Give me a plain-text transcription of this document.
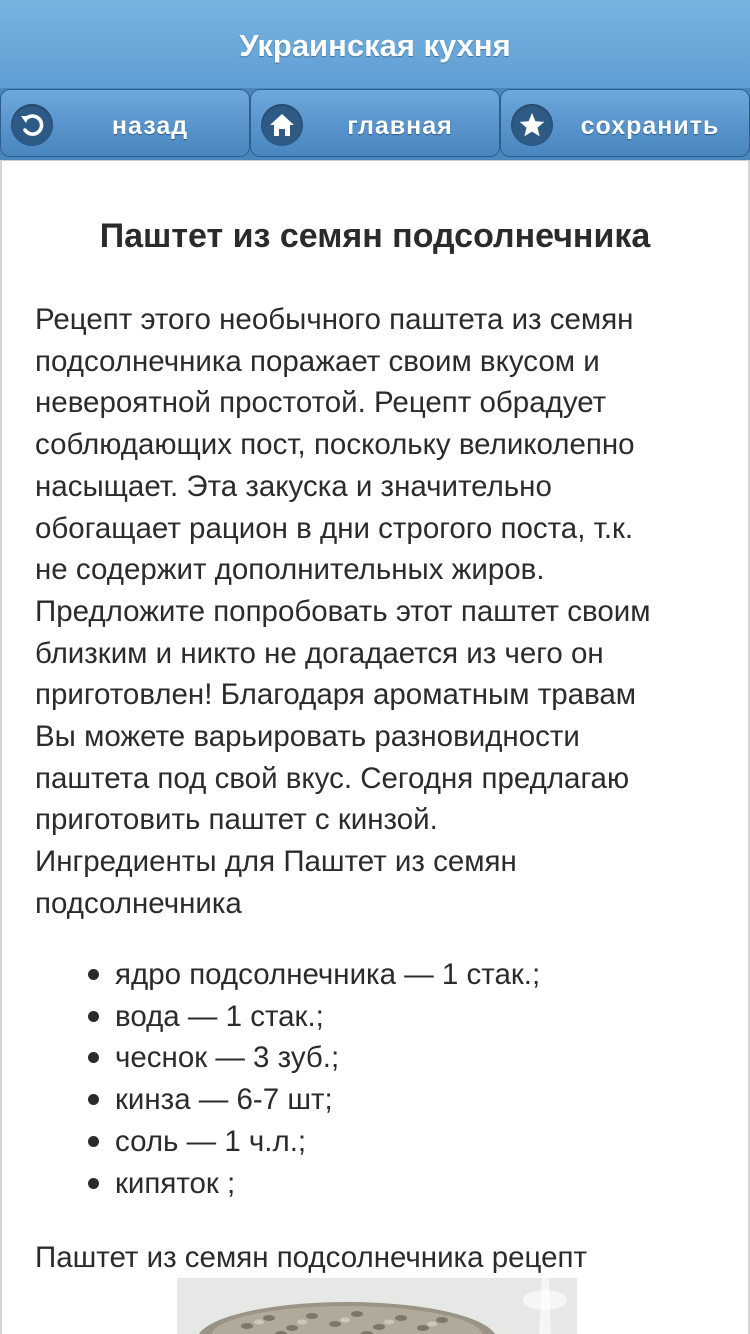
Украинская кухня
назад	главная	сохранить
Паштет из семян подсолнечника

Рецепт этого необычного паштета из семян

подсолнечника поражает своим вкусом и

невероятной простотой. Рецепт обрадует

соблюдающих пост, поскольку великолепно

насыщает. Эта закуска и значительно

обогащает рацион в дни строгого поста, т.к.

не содержит дополнительных жиров.

Предложите попробовать этот паштет своим

близким и никто не догадается из чего он

приготовлен! Благодаря ароматным травам

Вы можете варьировать разновидности

паштета под свой вкус. Сегодня предлагаю

приготовить паштет с кинзой.

Ингредиенты для Паштет из семян

подсолнечника

ядро подсолнечника — 1 стак.;
вода — 1 стак.;
чеснок — 3 зуб.;
кинза — 6-7 шт;
соль — 1 ч.л.;
кипяток ;

Паштет из семян подсолнечника рецепт
